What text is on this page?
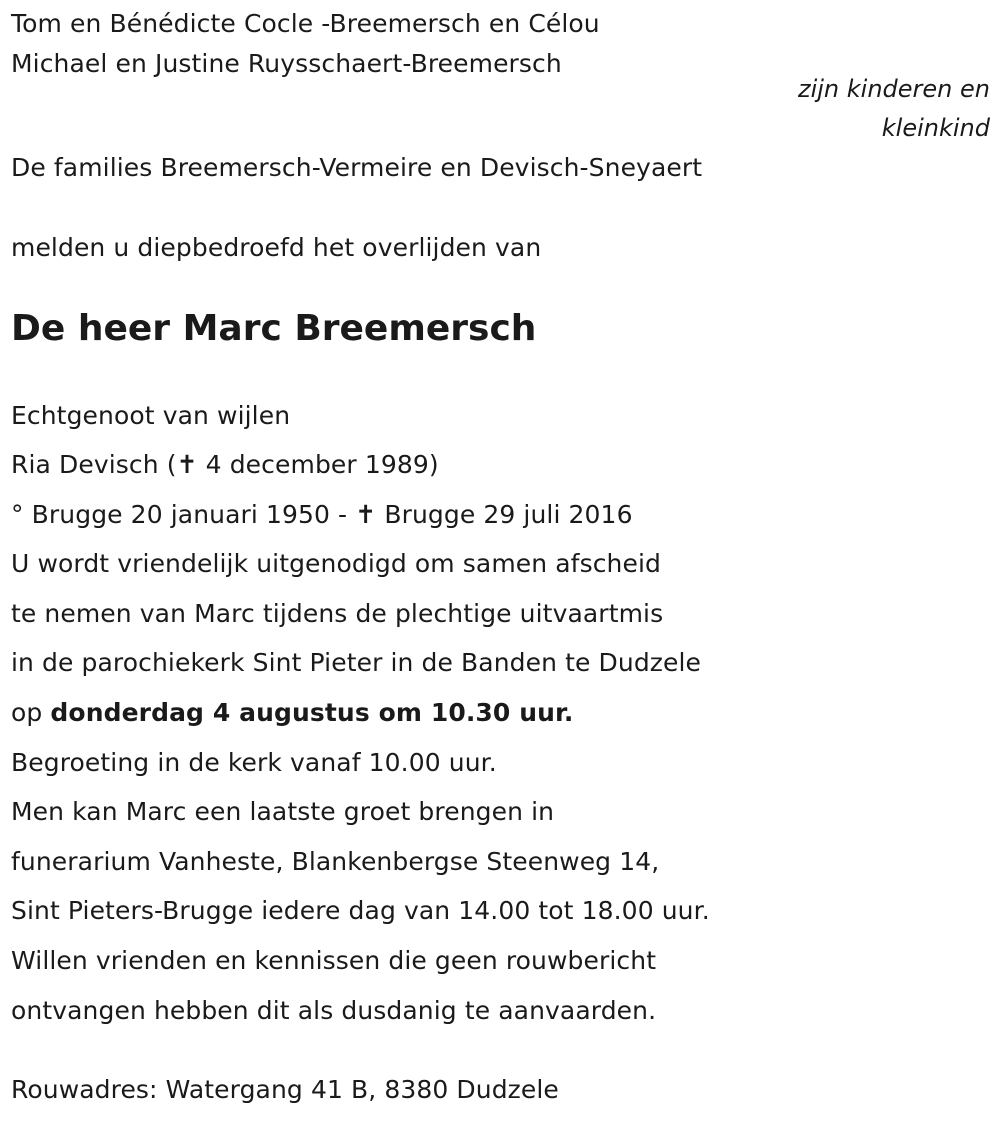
Tom en Bénédicte Cocle -Breemersch en Célou
Michael en Justine Ruysschaert-Breemersch
zijn kinderen en
kleinkind
De families Breemersch-Vermeire en Devisch-Sneyaert
melden u diepbedroefd het overlijden van
De heer Marc Breemersch
Echtgenoot van wijlen
Ria Devisch (✝ 4 december 1989)
° Brugge 20 januari 1950 - ✝ Brugge 29 juli 2016
U wordt vriendelijk uitgenodigd om samen afscheid
te nemen van Marc tijdens de plechtige uitvaartmis
in de parochiekerk Sint Pieter in de Banden te Dudzele
op donderdag 4 augustus om 10.30 uur.
Begroeting in de kerk vanaf 10.00 uur.
Men kan Marc een laatste groet brengen in
funerarium Vanheste, Blankenbergse Steenweg 14,
Sint Pieters-Brugge iedere dag van 14.00 tot 18.00 uur.
Willen vrienden en kennissen die geen rouwbericht
ontvangen hebben dit als dusdanig te aanvaarden.
Rouwadres: Watergang 41 B, 8380 Dudzele
